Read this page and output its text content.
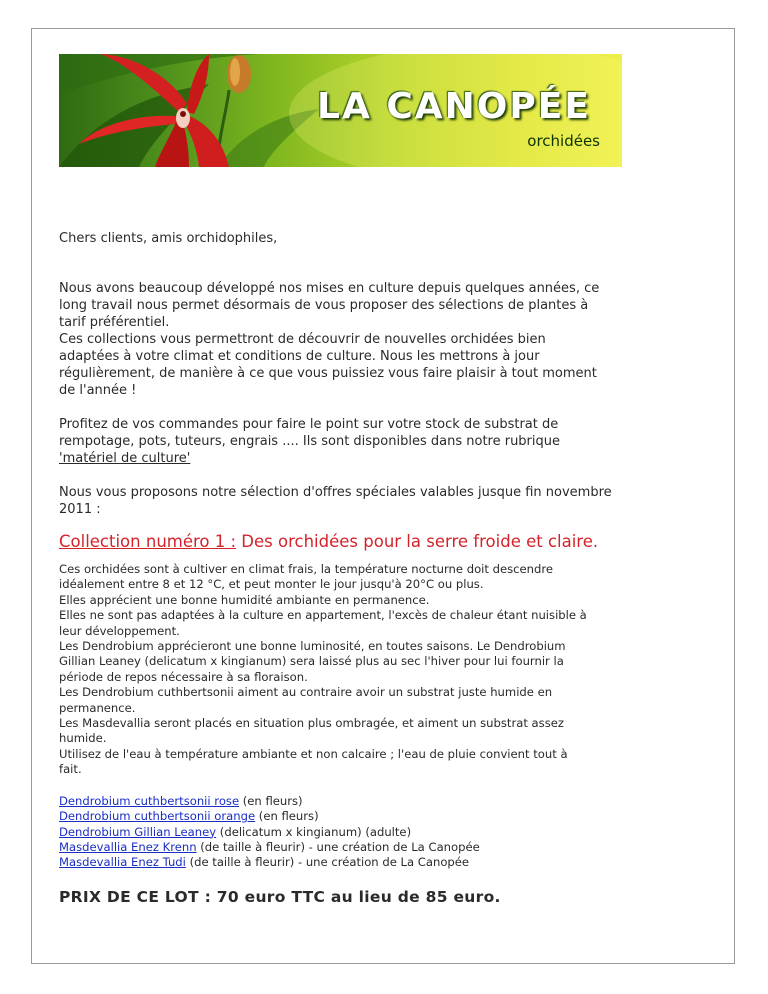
LA CANOPÉE
orchidées

Chers clients, amis orchidophiles,

Nous avons beaucoup développé nos mises en culture depuis quelques années, ce
long travail nous permet désormais de vous proposer des sélections de plantes à
tarif préférentiel.
Ces collections vous permettront de découvrir de nouvelles orchidées bien
adaptées à votre climat et conditions de culture. Nous les mettrons à jour
régulièrement, de manière à ce que vous puissiez vous faire plaisir à tout moment
de l'année !

Profitez de vos commandes pour faire le point sur votre stock de substrat de
rempotage, pots, tuteurs, engrais .... Ils sont disponibles dans notre rubrique
'matériel de culture'

Nous vous proposons notre sélection d'offres spéciales valables jusque fin novembre
2011 :

Collection numéro 1 : Des orchidées pour la serre froide et claire.

Ces orchidées sont à cultiver en climat frais, la température nocturne doit descendre
idéalement entre 8 et 12 °C, et peut monter le jour jusqu'à 20°C ou plus.
Elles apprécient une bonne humidité ambiante en permanence.
Elles ne sont pas adaptées à la culture en appartement, l'excès de chaleur étant nuisible à
leur développement.
Les Dendrobium apprécieront une bonne luminosité, en toutes saisons. Le Dendrobium
Gillian Leaney (delicatum x kingianum) sera laissé plus au sec l'hiver pour lui fournir la
période de repos nécessaire à sa floraison.
Les Dendrobium cuthbertsonii aiment au contraire avoir un substrat juste humide en
permanence.
Les Masdevallia seront placés en situation plus ombragée, et aiment un substrat assez
humide.
Utilisez de l'eau à température ambiante et non calcaire ; l'eau de pluie convient tout à
fait.

Dendrobium cuthbertsonii rose (en fleurs)
Dendrobium cuthbertsonii orange (en fleurs)
Dendrobium Gillian Leaney (delicatum x kingianum) (adulte)
Masdevallia Enez Krenn (de taille à fleurir) - une création de La Canopée
Masdevallia Enez Tudi (de taille à fleurir) - une création de La Canopée

PRIX DE CE LOT : 70 euro TTC au lieu de 85 euro.
